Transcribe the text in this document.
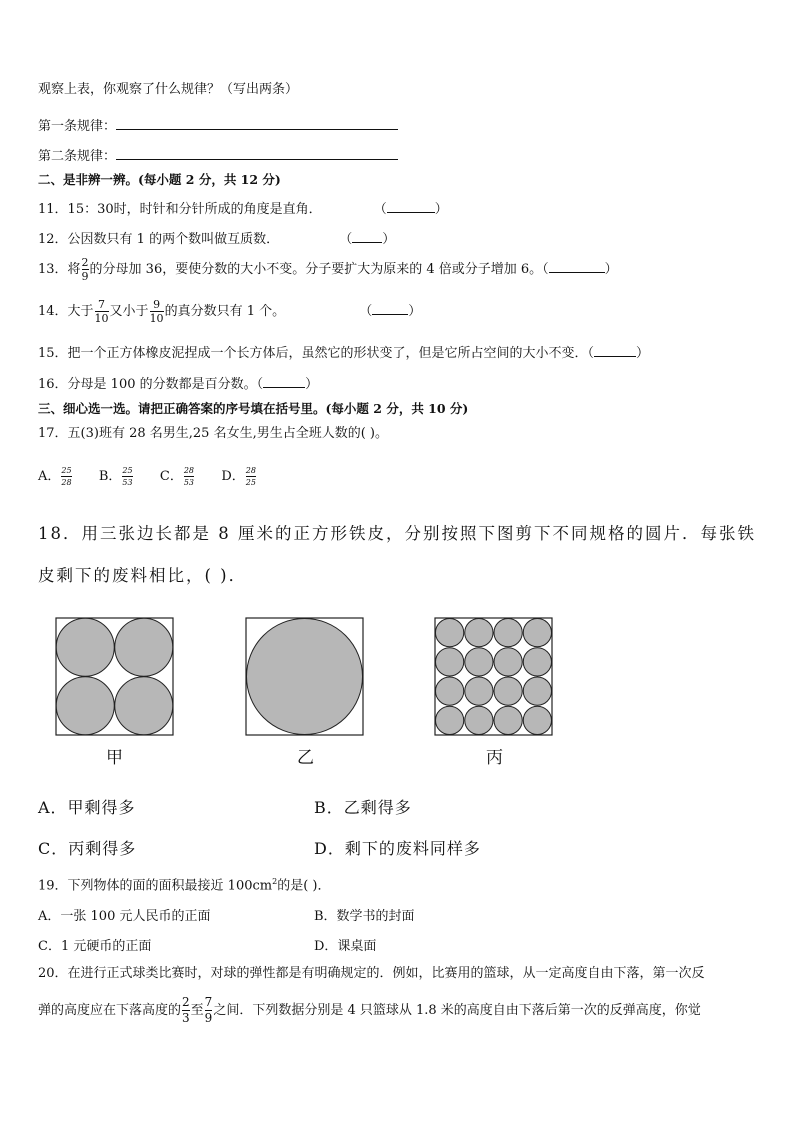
观察上表，你观察了什么规律？（写出两条）
第一条规律：
第二条规律：
二、是非辨一辨。(每小题 2 分，共 12 分)
11．15：30时，时针和分针所成的角度是直角．	（	）
12．公因数只有 1 的两个数叫做互质数．	（ ）
13．将 $\frac{2}{9}$ 的分母加 36，要使分数的大小不变。分子要扩大为原来的 4 倍或分子增加 6。（	）
14．大于 $\frac{7}{10}$ 又小于 $\frac{9}{10}$ 的真分数只有 1 个。	（	）
15．把一个正方体橡皮泥捏成一个长方体后，虽然它的形状变了，但是它所占空间的大小不变．（	）
16．分母是 100 的分数都是百分数。（	）
三、细心选一选。请把正确答案的序号填在括号里。(每小题 2 分，共 10 分)
17．五(3)班有 28 名男生,25 名女生,男生占全班人数的( )。
A． $\frac{25}{28}$ B． $\frac{25}{53}$ C． $\frac{28}{53}$ D． $\frac{28}{25}$
18．用三张边长都是 8 厘米的正方形铁皮，分别按照下图剪下不同规格的圆片．每张铁
皮剩下的废料相比，( )．
甲	乙	丙
A．甲剩得多	B．乙剩得多
C．丙剩得多	D．剩下的废料同样多
19．下列物体的面的面积最接近 $100cm^2$的是( )．
A．一张 100 元人民币的正面	B．数学书的封面
C．1 元硬币的正面	D．课桌面
20．在进行正式球类比赛时，对球的弹性都是有明确规定的．例如，比赛用的篮球，从一定高度自由下落，第一次反
弹的高度应在下落高度的 $\frac{2}{3}$ 至 $\frac{7}{9}$ 之间．下列数据分别是 4 只篮球从 1.8 米的高度自由下落后第一次的反弹高度，你觉
